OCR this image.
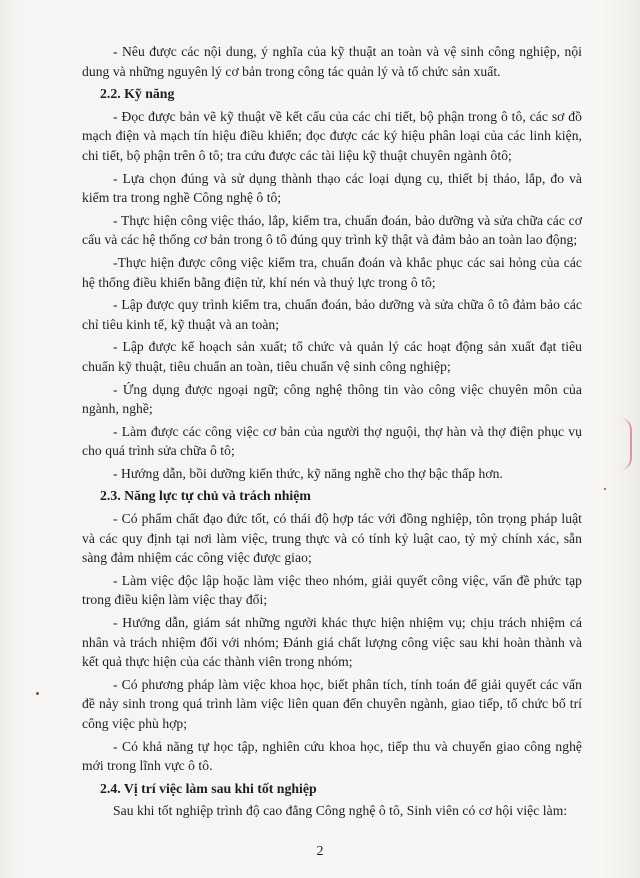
- Nêu được các nội dung, ý nghĩa của kỹ thuật an toàn và vệ sinh công nghiệp, nội dung và những nguyên lý cơ bản trong công tác quản lý và tổ chức sản xuất.

2.2. Kỹ năng

- Đọc được bản vẽ kỹ thuật về kết cấu của các chi tiết, bộ phận trong ô tô, các sơ đồ mạch điện và mạch tín hiệu điều khiển; đọc được các ký hiệu phân loại của các linh kiện, chi tiết, bộ phận trên ô tô; tra cứu được các tài liệu kỹ thuật chuyên ngành ôtô;

- Lựa chọn đúng và sử dụng thành thạo các loại dụng cụ, thiết bị tháo, lắp, đo và kiểm tra trong nghề Công nghệ ô tô;

- Thực hiện công việc tháo, lắp, kiểm tra, chuẩn đoán, bảo dưỡng và sửa chữa các cơ cấu và các hệ thống cơ bản trong ô tô đúng quy trình kỹ thật và đảm bảo an toàn lao động;

-Thực hiện được công việc kiểm tra, chuẩn đoán và khắc phục các sai hỏng của các hệ thống điều khiển bằng điện tử, khí nén và thuỷ lực trong ô tô;

- Lập được quy trình kiểm tra, chuẩn đoán, bảo dưỡng và sửa chữa ô tô đảm bảo các chỉ tiêu kinh tế, kỹ thuật và an toàn;

- Lập được kế hoạch sản xuất; tổ chức và quản lý các hoạt động sản xuất đạt tiêu chuẩn kỹ thuật, tiêu chuẩn an toàn, tiêu chuẩn vệ sinh công nghiệp;

- Ứng dụng được ngoại ngữ; công nghệ thông tin vào công việc chuyên môn của ngành, nghề;

- Làm được các công việc cơ bản của người thợ nguội, thợ hàn và thợ điện phục vụ cho quá trình sửa chữa ô tô;

- Hướng dẫn, bồi dưỡng kiến thức, kỹ năng nghề cho thợ bậc thấp hơn.

2.3. Năng lực tự chủ và trách nhiệm

- Có phẩm chất đạo đức tốt, có thái độ hợp tác với đồng nghiệp, tôn trọng pháp luật và các quy định tại nơi làm việc, trung thực và có tính kỷ luật cao, tỷ mỷ chính xác, sẵn sàng đảm nhiệm các công việc được giao;

- Làm việc độc lập hoặc làm việc theo nhóm, giải quyết công việc, vấn đề phức tạp trong điều kiện làm việc thay đổi;

- Hướng dẫn, giám sát những người khác thực hiện nhiệm vụ; chịu trách nhiệm cá nhân và trách nhiệm đối với nhóm; Đánh giá chất lượng công việc sau khi hoàn thành và kết quả thực hiện của các thành viên trong nhóm;

- Có phương pháp làm việc khoa học, biết phân tích, tính toán để giải quyết các vấn đề nảy sinh trong quá trình làm việc liên quan đến chuyên ngành, giao tiếp, tổ chức bố trí công việc phù hợp;

- Có khả năng tự học tập, nghiên cứu khoa học, tiếp thu và chuyển giao công nghệ mới trong lĩnh vực ô tô.

2.4. Vị trí việc làm sau khi tốt nghiệp

Sau khi tốt nghiệp trình độ cao đẳng Công nghệ ô tô, Sinh viên có cơ hội việc làm:

2
